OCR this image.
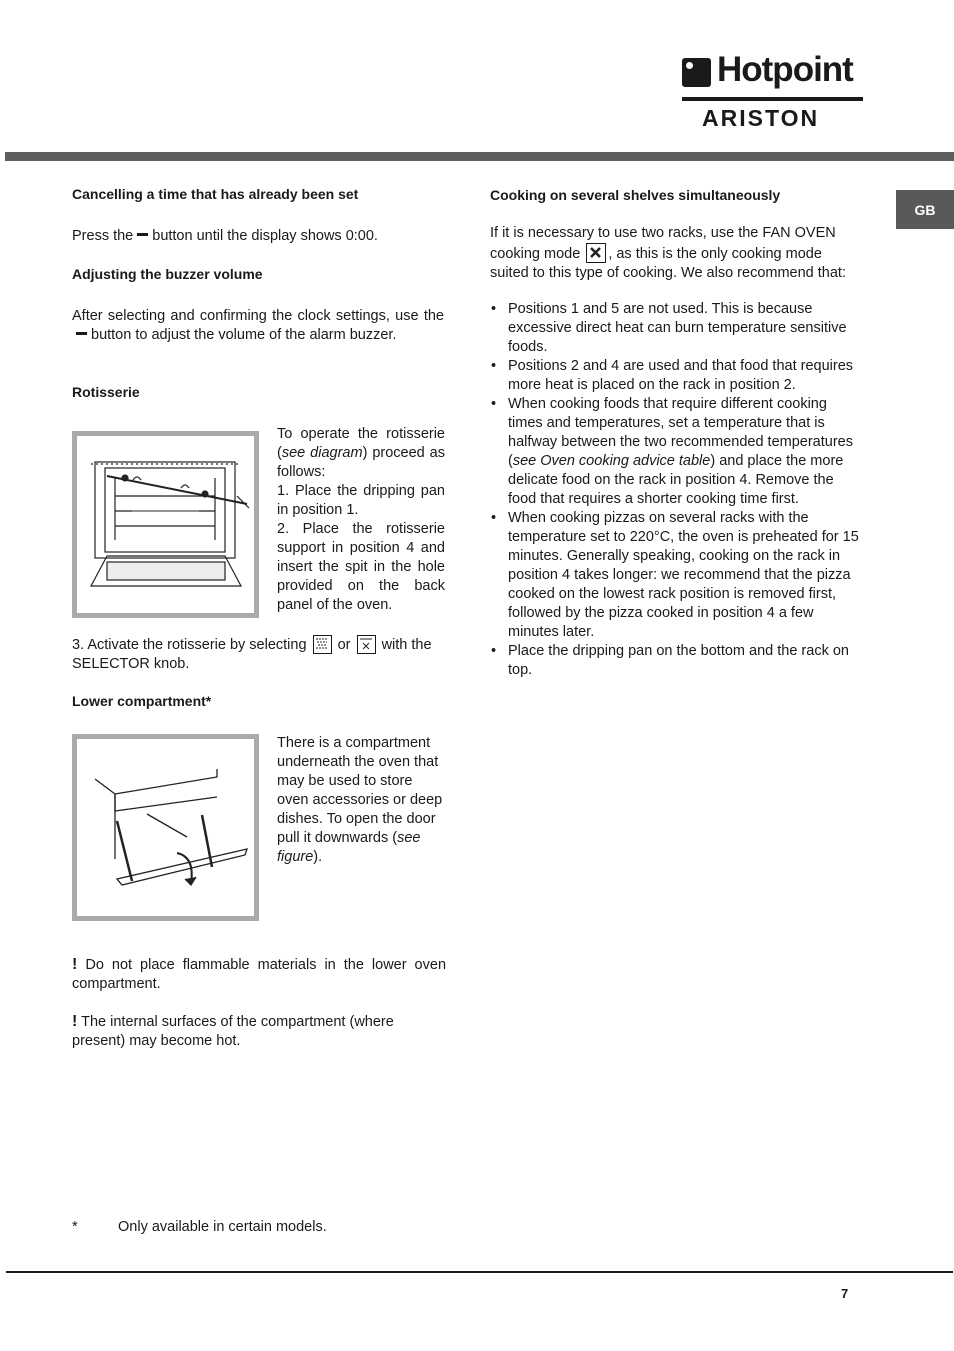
Hotpoint
ARISTON
GB
Cancelling a time that has already been set
Press the button until the display shows 0:00.
Adjusting the buzzer volume
After selecting and confirming the clock settings, use thebutton to adjust the volume of the alarm buzzer.
Rotisserie
To operate the rotisserie (see diagram) proceed as follows:
1. Place the dripping pan in position 1.
2. Place the rotisserie support in position 4 and insert the spit in the hole provided on the back panel of the oven.
3. Activate the rotisserie by selecting or with the SELECTOR knob.
Lower compartment*
There is a compartment underneath the oven that may be used to store oven accessories or deep dishes. To open the door pull it downwards (see figure).
! Do not place flammable materials in the lower oven compartment.
! The internal surfaces of the compartment (where present) may become hot.
*	Only available in certain models.
Cooking on several shelves simultaneously
If it is necessary to use two racks, use the FAN OVEN cooking mode , as this is the only cooking mode suited to this type of cooking. We also recommend that:
• Positions 1 and 5 are not used. This is because excessive direct heat can burn temperature sensitive foods.
• Positions 2 and 4 are used and that food that requires more heat is placed on the rack in position 2.
• When cooking foods that require different cooking times and temperatures, set a temperature that is halfway between the two recommended temperatures (see Oven cooking advice table) and place the more delicate food on the rack in position 4. Remove the food that requires a shorter cooking time first.
• When cooking pizzas on several racks with the temperature set to 220°C, the oven is preheated for 15 minutes. Generally speaking, cooking on the rack in position 4 takes longer: we recommend that the pizza cooked on the lowest rack position is removed first, followed by the pizza cooked in position 4 a few minutes later.
• Place the dripping pan on the bottom and the rack on top.
7
